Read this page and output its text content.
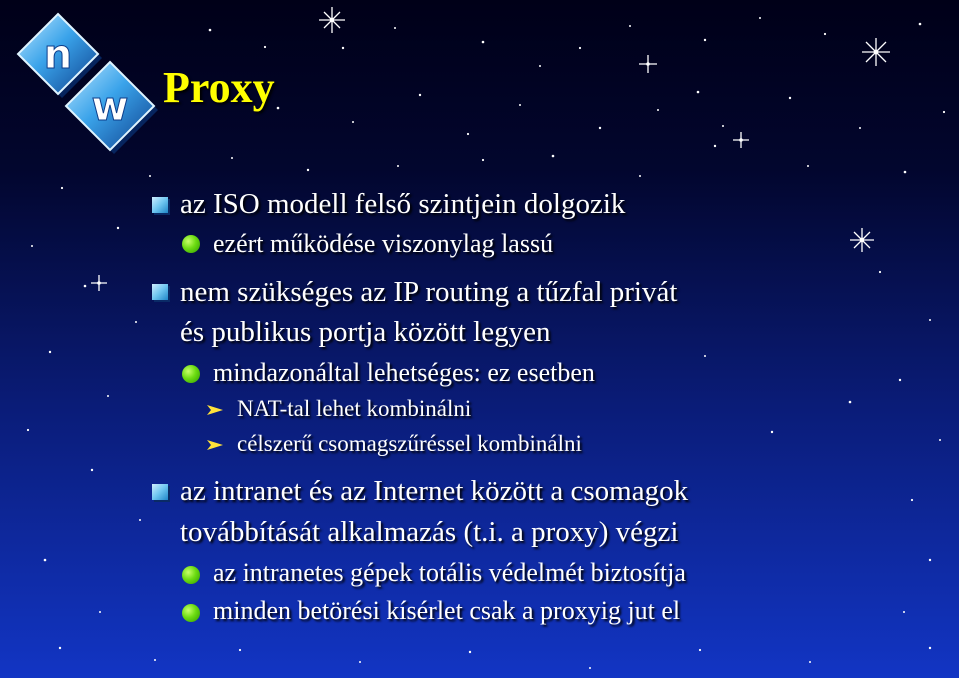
n
w Proxy
az ISO modell felső szintjein dolgozik
ezért működése viszonylag lassú
nem szükséges az IP routing a tűzfal privát
és publikus portja között legyen
mindazonáltal lehetséges: ez esetben
NAT-tal lehet kombinálni
célszerű csomagszűréssel kombinálni
az intranet és az Internet között a csomagok
továbbítását alkalmazás (t.i. a proxy) végzi
az intranetes gépek totális védelmét biztosítja
minden betörési kísérlet csak a proxyig jut el
